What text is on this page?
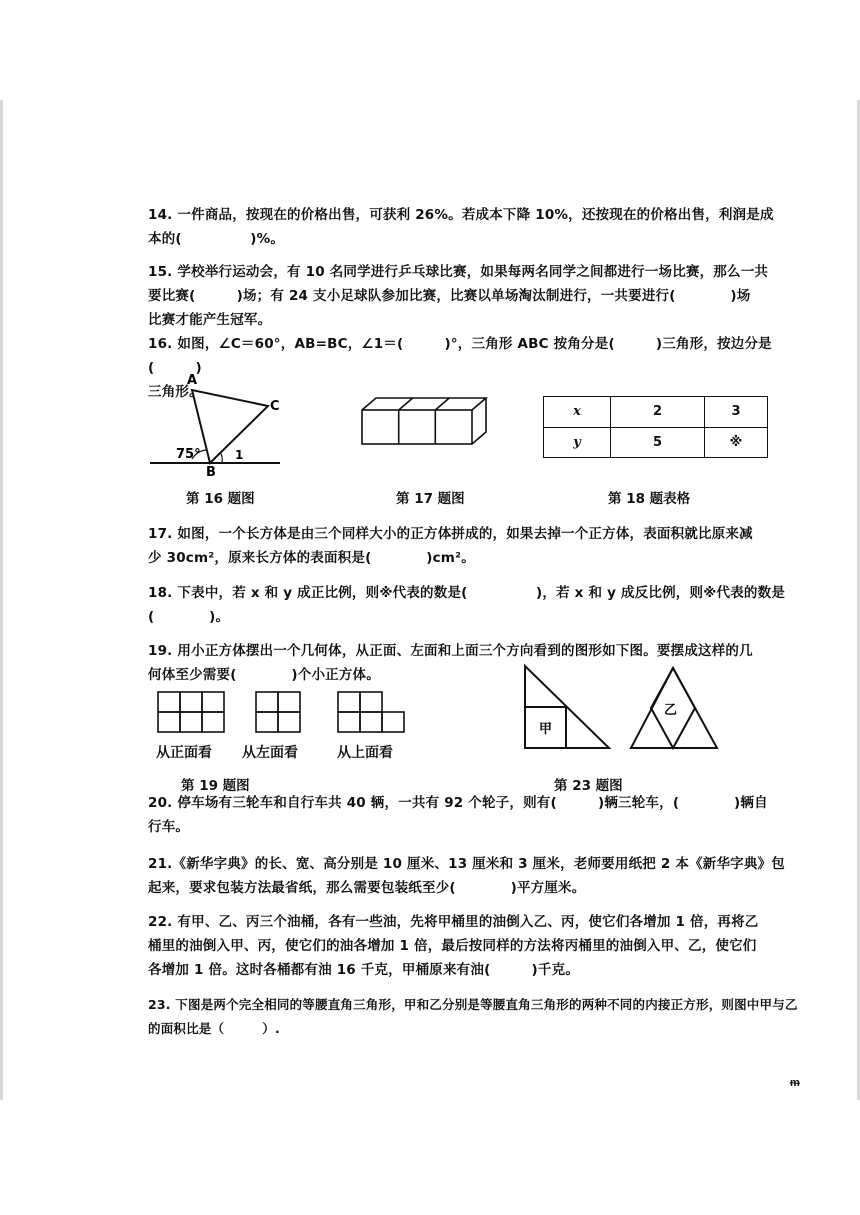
14. 一件商品，按现在的价格出售，可获利 26%。若成本下降 10%，还按现在的价格出售，利润是成
本的(　　　　　)%。
15. 学校举行运动会，有 10 名同学进行乒乓球比赛，如果每两名同学之间都进行一场比赛，那么一共
要比赛(　　　)场；有 24 支小足球队参加比赛，比赛以单场淘汰制进行，一共要进行(　　　　)场
比赛才能产生冠军。
16. 如图，∠C＝60°，AB=BC，∠1＝(　　　)°，三角形 ABC 按角分是(　　　)三角形，按边分是(　　　)
三角形。
A
C
B
75°	1
x	2	3
y	5	※
第 16 题图	第 17 题图	第 18 题表格
17. 如图，一个长方体是由三个同样大小的正方体拼成的，如果去掉一个正方体，表面积就比原来减
少 30cm²，原来长方体的表面积是(　　　　)cm²。
18. 下表中，若 x 和 y 成正比例，则※代表的数是(　　　　　)，若 x 和 y 成反比例，则※代表的数是
(　　　　)。
19. 用小正方体摆出一个几何体，从正面、左面和上面三个方向看到的图形如下图。要摆成这样的几
何体至少需要(　　　　)个小正方体。
从正面看 从左面看	从上面看
甲
乙
第 19 题图	第 23 题图
20. 停车场有三轮车和自行车共 40 辆，一共有 92 个轮子，则有(　　　)辆三轮车，(　　　　)辆自
行车。
21.《新华字典》的长、宽、高分别是 10 厘米、13 厘米和 3 厘米，老师要用纸把 2 本《新华字典》包
起来，要求包装方法最省纸，那么需要包装纸至少(　　　　)平方厘米。
22. 有甲、乙、丙三个油桶，各有一些油，先将甲桶里的油倒入乙、丙，使它们各增加 1 倍，再将乙
桶里的油倒入甲、丙，使它们的油各增加 1 倍，最后按同样的方法将丙桶里的油倒入甲、乙，使它们
各增加 1 倍。这时各桶都有油 16 千克，甲桶原来有油(　　　)千克。
23. 下图是两个完全相同的等腰直角三角形，甲和乙分别是等腰直角三角形的两种不同的内接正方形，则图中甲与乙
的面积比是（　　　）.
ᵯ
